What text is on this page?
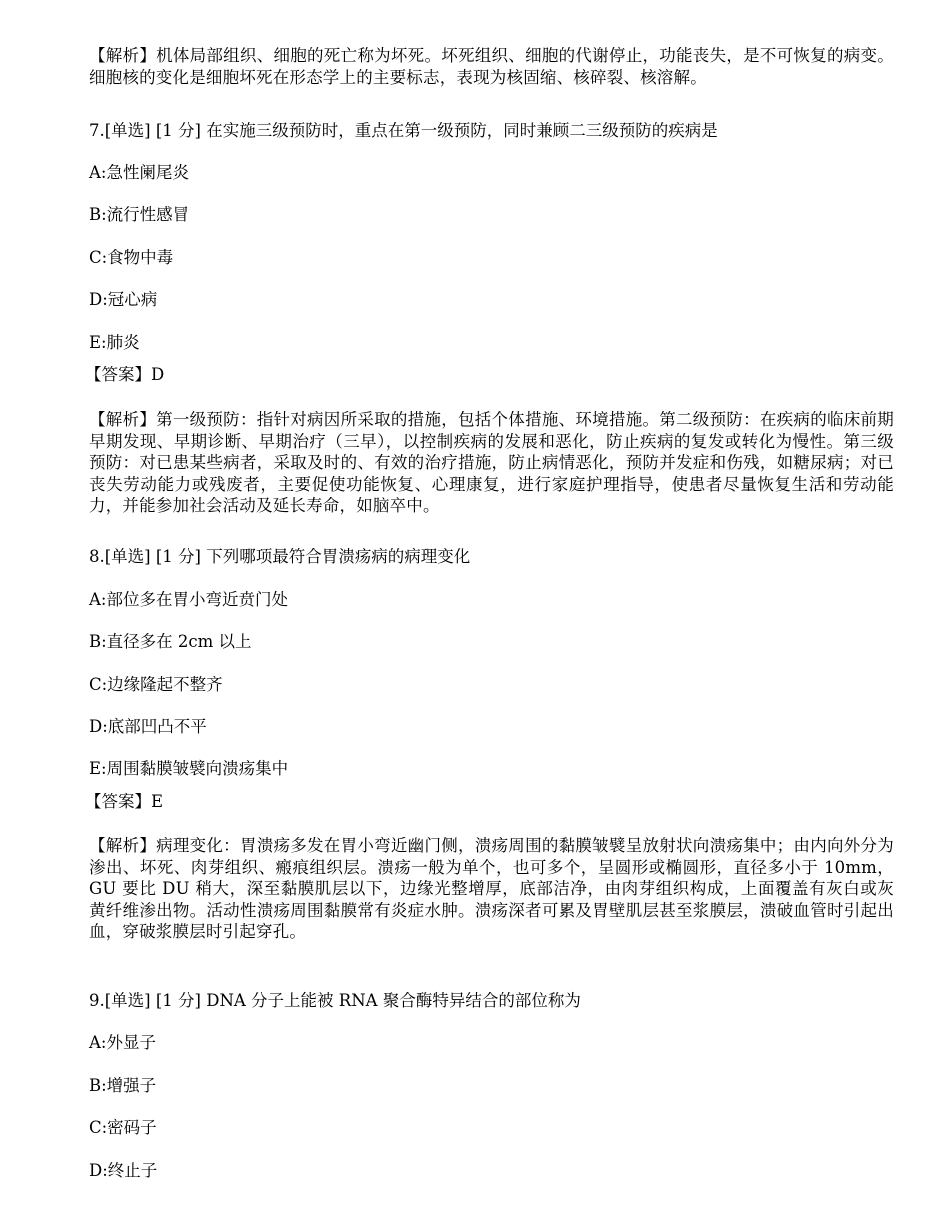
【解析】机体局部组织、细胞的死亡称为坏死。坏死组织、细胞的代谢停止，功能丧失，是不可恢复的病变。细胞核的变化是细胞坏死在形态学上的主要标志，表现为核固缩、核碎裂、核溶解。

7.[单选] [1 分] 在实施三级预防时，重点在第一级预防，同时兼顾二三级预防的疾病是

A:急性阑尾炎

B:流行性感冒

C:食物中毒

D:冠心病

E:肺炎

【答案】D

【解析】第一级预防：指针对病因所采取的措施，包括个体措施、环境措施。第二级预防：在疾病的临床前期早期发现、早期诊断、早期治疗（三早），以控制疾病的发展和恶化，防止疾病的复发或转化为慢性。第三级预防：对已患某些病者，采取及时的、有效的治疗措施，防止病情恶化，预防并发症和伤残，如糖尿病；对已丧失劳动能力或残废者，主要促使功能恢复、心理康复，进行家庭护理指导，使患者尽量恢复生活和劳动能力，并能参加社会活动及延长寿命，如脑卒中。

8.[单选] [1 分] 下列哪项最符合胃溃疡病的病理变化

A:部位多在胃小弯近贲门处

B:直径多在 2cm 以上

C:边缘隆起不整齐

D:底部凹凸不平

E:周围黏膜皱襞向溃疡集中

【答案】E

【解析】病理变化：胃溃疡多发在胃小弯近幽门侧，溃疡周围的黏膜皱襞呈放射状向溃疡集中；由内向外分为渗出、坏死、肉芽组织、瘢痕组织层。溃疡一般为单个，也可多个，呈圆形或椭圆形，直径多小于 10mm，GU 要比 DU 稍大，深至黏膜肌层以下，边缘光整增厚，底部洁净，由肉芽组织构成，上面覆盖有灰白或灰黄纤维渗出物。活动性溃疡周围黏膜常有炎症水肿。溃疡深者可累及胃壁肌层甚至浆膜层，溃破血管时引起出血，穿破浆膜层时引起穿孔。

9.[单选] [1 分] DNA 分子上能被 RNA 聚合酶特异结合的部位称为

A:外显子

B:增强子

C:密码子

D:终止子
